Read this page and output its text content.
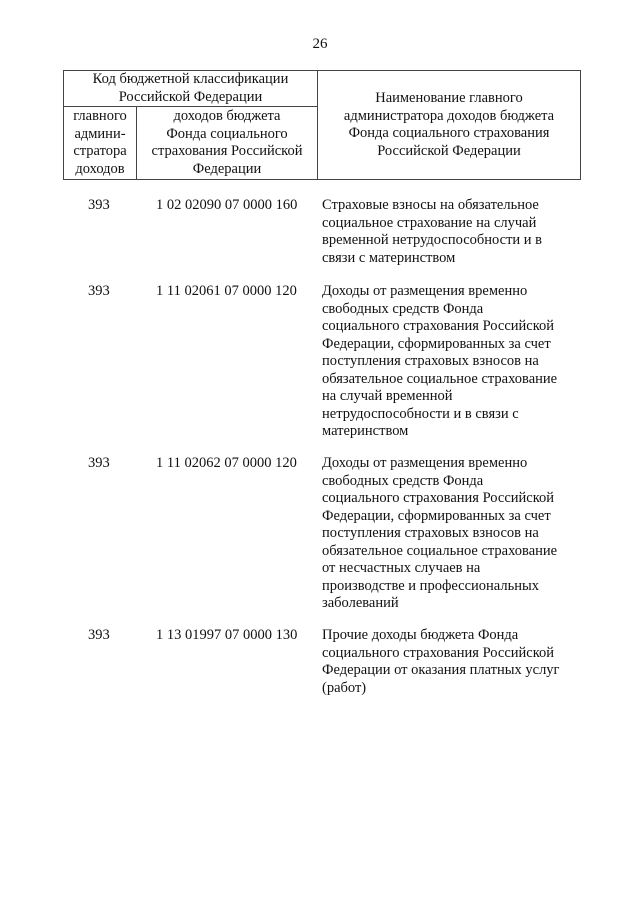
26
Код бюджетной классификации
Российской Федерации		Наименование главного
администратора доходов бюджета
Фонда социального страхования
Российской Федерации
главного
админи-
стратора
доходов	доходов бюджета
Фонда социального
страхования Российской
Федерации	
393	1 02 02090 07 0000 160 Страховые взносы на обязательное
социальное страхование на случай
временной нетрудоспособности и в
связи с материнством
393	1 11 02061 07 0000 120 Доходы от размещения временно
свободных средств Фонда
социального страхования Российской
Федерации, сформированных за счет
поступления страховых взносов на
обязательное социальное страхование
на случай временной
нетрудоспособности и в связи с
материнством
393	1 11 02062 07 0000 120 Доходы от размещения временно
свободных средств Фонда
социального страхования Российской
Федерации, сформированных за счет
поступления страховых взносов на
обязательное социальное страхование
от несчастных случаев на
производстве и профессиональных
заболеваний
393	1 13 01997 07 0000 130 Прочие доходы бюджета Фонда
социального страхования Российской
Федерации от оказания платных услуг
(работ)
